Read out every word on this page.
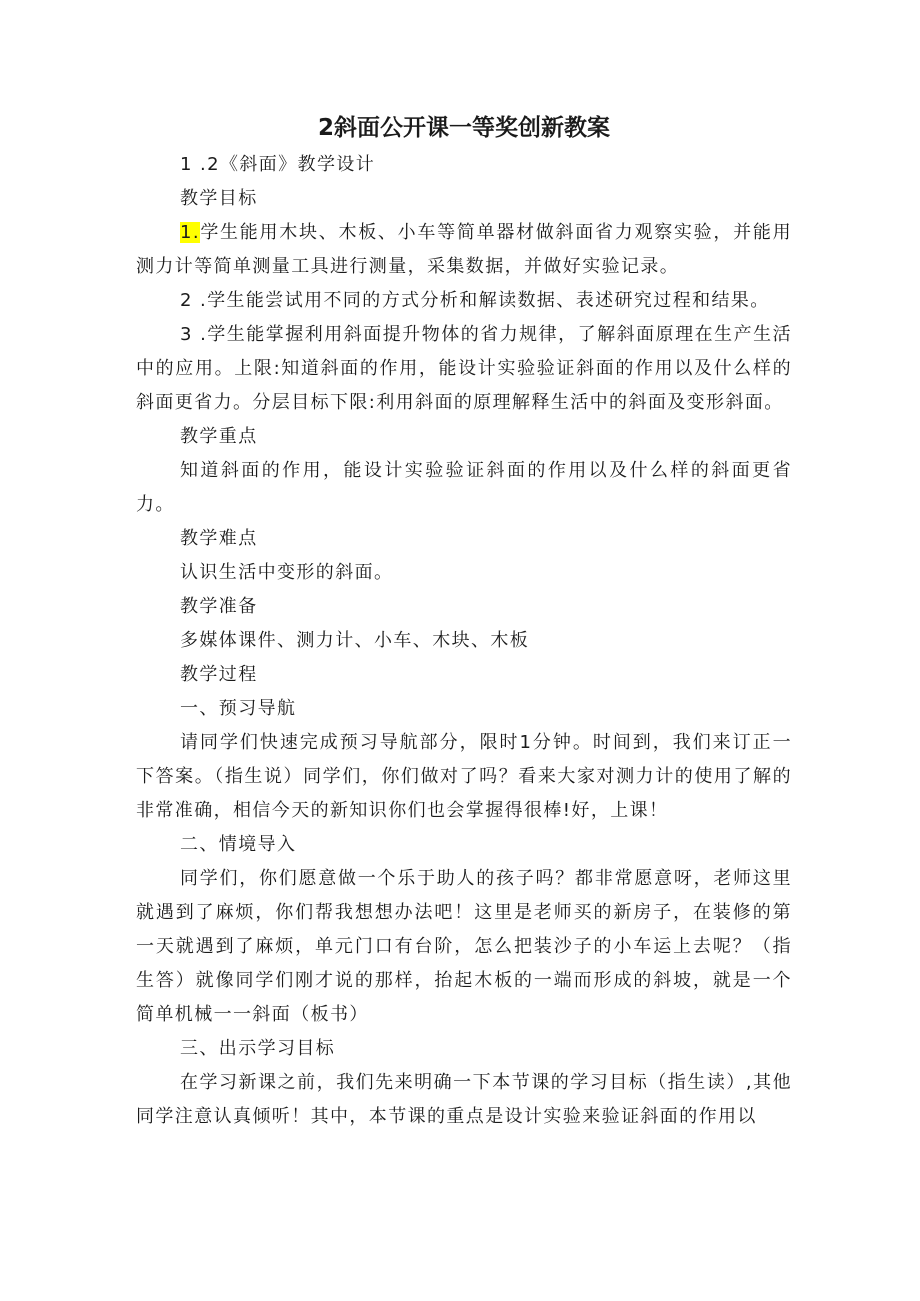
2斜面公开课一等奖创新教案

1 .2《斜面》教学设计

教学目标

1.学生能用木块、木板、小车等简单器材做斜面省力观察实验，并能用测力计等简单测量工具进行测量，采集数据，并做好实验记录。

2 .学生能尝试用不同的方式分析和解读数据、表述研究过程和结果。

3 .学生能掌握利用斜面提升物体的省力规律，了解斜面原理在生产生活中的应用。上限:知道斜面的作用，能设计实验验证斜面的作用以及什么样的斜面更省力。分层目标下限:利用斜面的原理解释生活中的斜面及变形斜面。

教学重点

知道斜面的作用，能设计实验验证斜面的作用以及什么样的斜面更省力。

教学难点

认识生活中变形的斜面。

教学准备

多媒体课件、测力计、小车、木块、木板

教学过程

一、预习导航

请同学们快速完成预习导航部分，限时1分钟。时间到，我们来订正一下答案。（指生说）同学们，你们做对了吗？看来大家对测力计的使用了解的非常准确，相信今天的新知识你们也会掌握得很棒!好，上课！

二、情境导入

同学们，你们愿意做一个乐于助人的孩子吗？都非常愿意呀，老师这里就遇到了麻烦，你们帮我想想办法吧！这里是老师买的新房子，在装修的第一天就遇到了麻烦，单元门口有台阶，怎么把装沙子的小车运上去呢？（指生答）就像同学们刚才说的那样，抬起木板的一端而形成的斜坡，就是一个简单机械一一斜面（板书）

三、出示学习目标

在学习新课之前，我们先来明确一下本节课的学习目标（指生读）,其他同学注意认真倾听！其中，本节课的重点是设计实验来验证斜面的作用以
